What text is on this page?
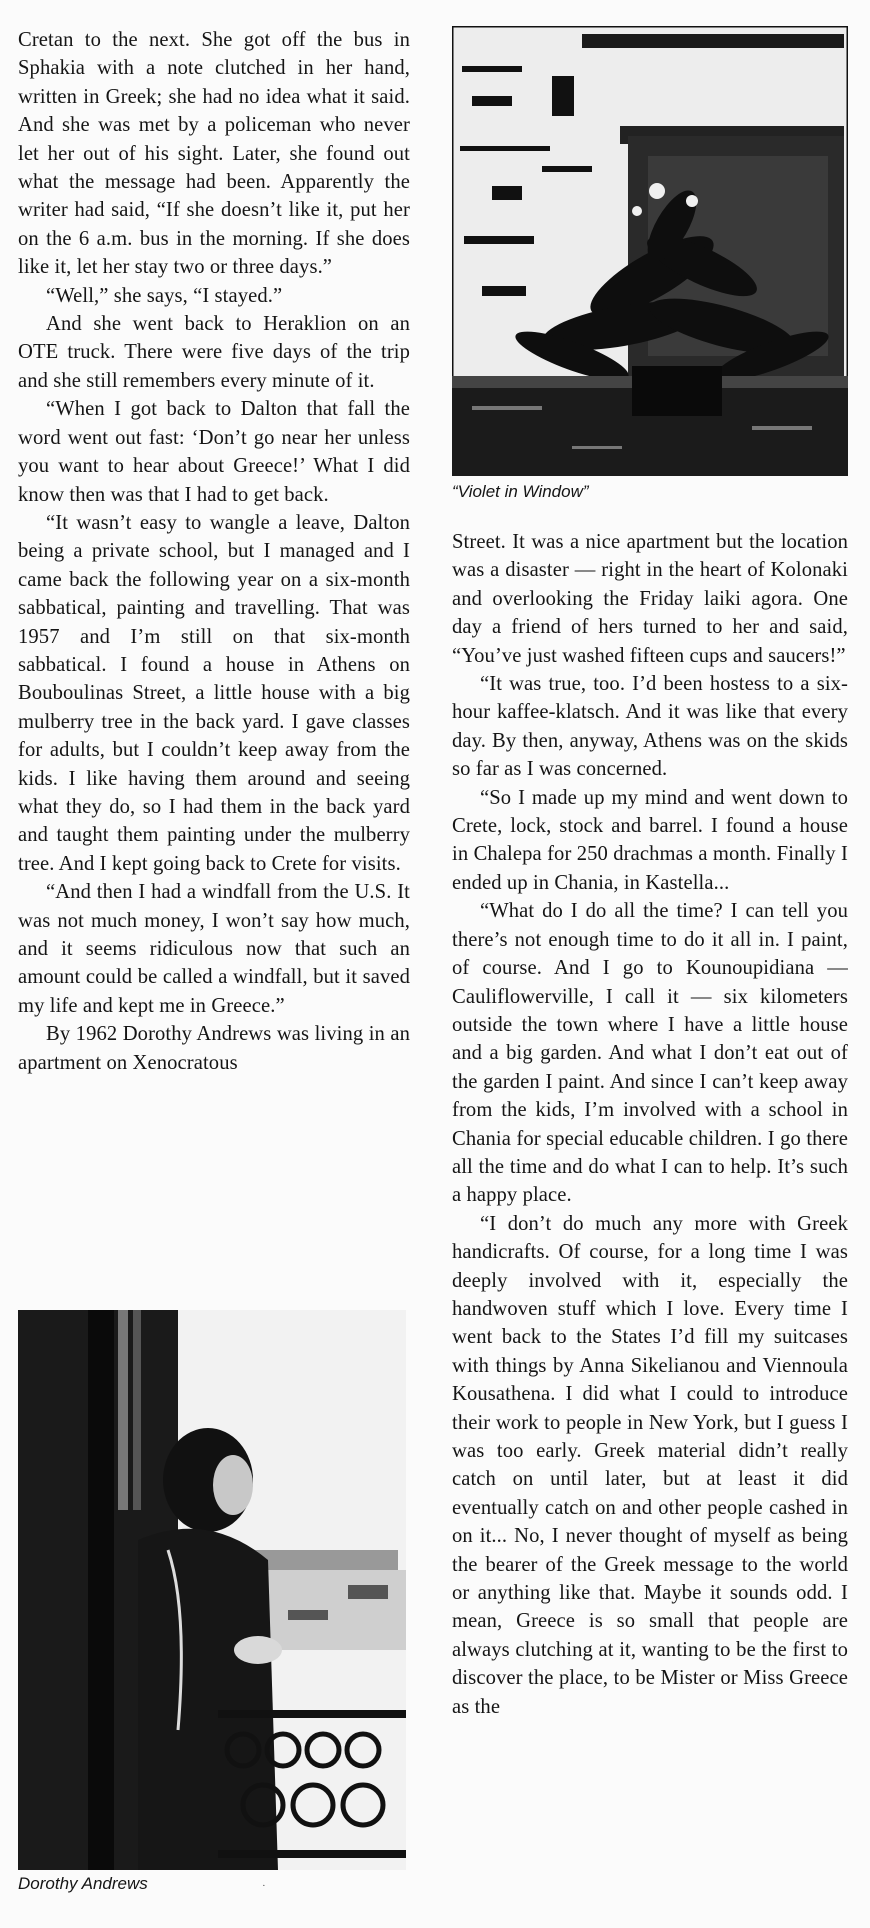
Cretan to the next. She got off the bus in Sphakia with a note clutched in her hand, written in Greek; she had no idea what it said. And she was met by a policeman who never let her out of his sight. Later, she found out what the message had been. Apparently the writer had said, “If she doesn’t like it, put her on the 6 a.m. bus in the morning. If she does like it, let her stay two or three days.”

“Well,” she says, “I stayed.”

And she went back to Heraklion on an OTE truck. There were five days of the trip and she still remembers every minute of it.

“When I got back to Dalton that fall the word went out fast: ‘Don’t go near her unless you want to hear about Greece!’ What I did know then was that I had to get back.

“It wasn’t easy to wangle a leave, Dalton being a private school, but I managed and I came back the following year on a six-month sabbatical, painting and travelling. That was 1957 and I’m still on that six-month sabbatical. I found a house in Athens on Bouboulinas Street, a little house with a big mulberry tree in the back yard. I gave classes for adults, but I couldn’t keep away from the kids. I like having them around and seeing what they do, so I had them in the back yard and taught them painting under the mulberry tree. And I kept going back to Crete for visits.

“And then I had a windfall from the U.S. It was not much money, I won’t say how much, and it seems ridiculous now that such an amount could be called a windfall, but it saved my life and kept me in Greece.”

By 1962 Dorothy Andrews was living in an apartment on Xenocratous

“Violet in Window”
Dorothy Andrews	·

Street. It was a nice apartment but the location was a disaster — right in the heart of Kolonaki and overlooking the Friday laiki agora. One day a friend of hers turned to her and said, “You’ve just washed fifteen cups and saucers!”

“It was true, too. I’d been hostess to a six-hour kaffee-klatsch. And it was like that every day. By then, anyway, Athens was on the skids so far as I was concerned.

“So I made up my mind and went down to Crete, lock, stock and barrel. I found a house in Chalepa for 250 drachmas a month. Finally I ended up in Chania, in Kastella...

“What do I do all the time? I can tell you there’s not enough time to do it all in. I paint, of course. And I go to Kounoupidiana — Cauliflowerville, I call it — six kilometers outside the town where I have a little house and a big garden. And what I don’t eat out of the garden I paint. And since I can’t keep away from the kids, I’m involved with a school in Chania for special educable children. I go there all the time and do what I can to help. It’s such a happy place.

“I don’t do much any more with Greek handicrafts. Of course, for a long time I was deeply involved with it, especially the handwoven stuff which I love. Every time I went back to the States I’d fill my suitcases with things by Anna Sikelianou and Viennoula Kousathena. I did what I could to introduce their work to people in New York, but I guess I was too early. Greek material didn’t really catch on until later, but at least it did eventually catch on and other people cashed in on it... No, I never thought of myself as being the bearer of the Greek message to the world or anything like that. Maybe it sounds odd. I mean, Greece is so small that people are always clutching at it, wanting to be the first to discover the place, to be Mister or Miss Greece as the
